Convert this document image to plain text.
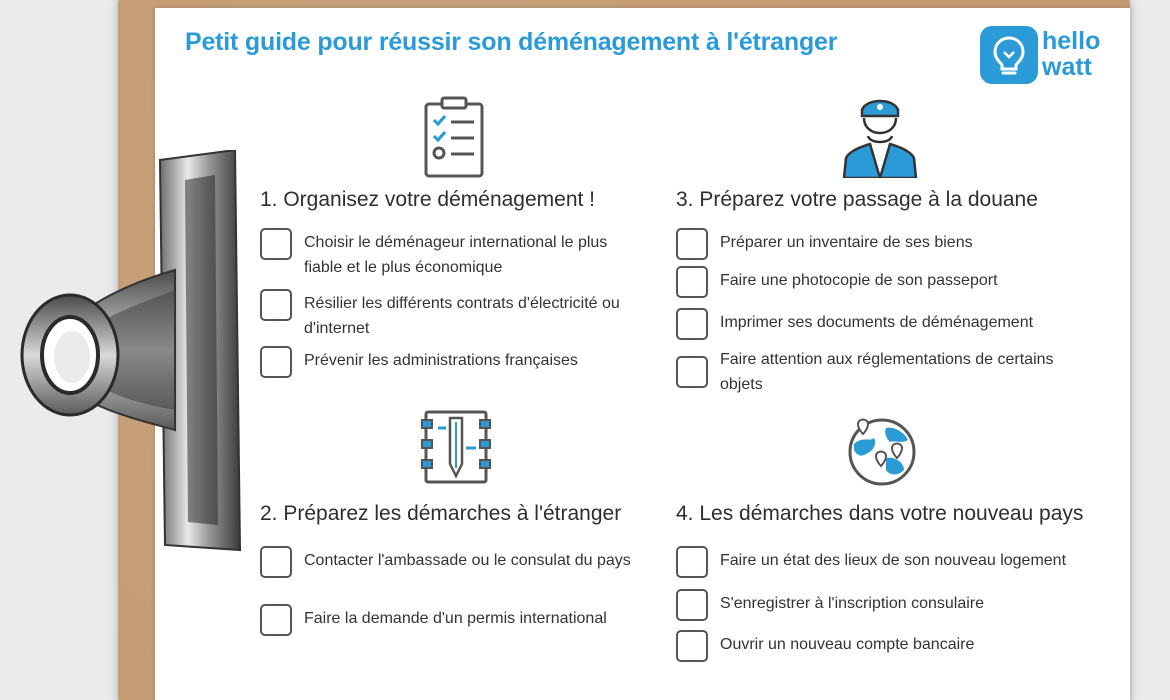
Petit guide pour réussir son déménagement à l'étranger	hello
watt
1. Organisez votre déménagement !
Choisir le déménageur international le plus fiable et le plus économique
Résilier les différents contrats d'électricité ou d'internet
Prévenir les administrations françaises
2. Préparez les démarches à l'étranger
Contacter l'ambassade ou le consulat du pays
Faire la demande d'un permis international
3. Préparez votre passage à la douane
Préparer un inventaire de ses biens
Faire une photocopie de son passeport
Imprimer ses documents de déménagement
Faire attention aux réglementations de certains objets
4. Les démarches dans votre nouveau pays
Faire un état des lieux de son nouveau logement
S'enregistrer à l'inscription consulaire
Ouvrir un nouveau compte bancaire
